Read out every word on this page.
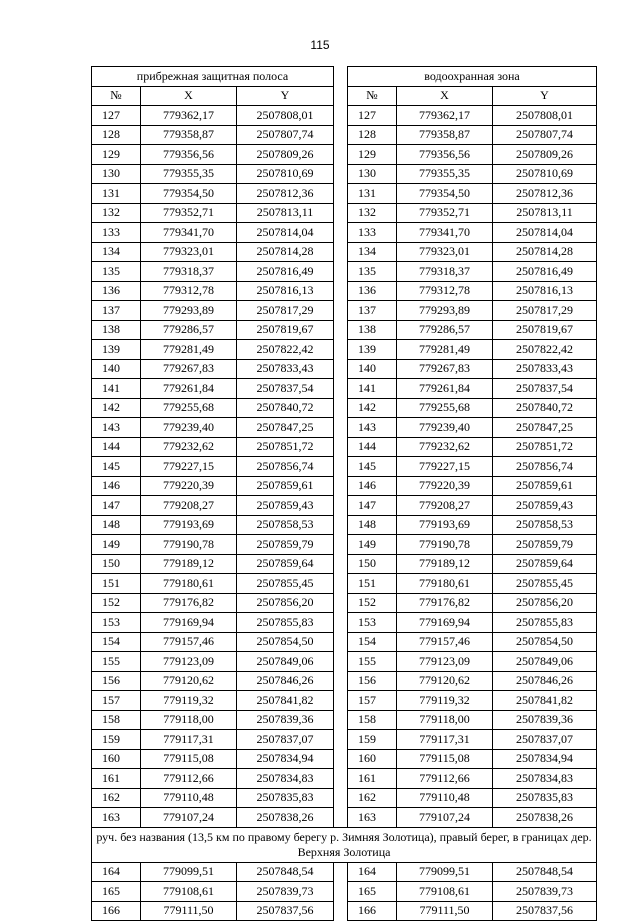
115
прибрежная защитная полоса				водоохранная зона		
№	X	Y		№	X	Y
127	779362,17	2507808,01		127	779362,17	2507808,01
128	779358,87	2507807,74		128	779358,87	2507807,74
129	779356,56	2507809,26		129	779356,56	2507809,26
130	779355,35	2507810,69		130	779355,35	2507810,69
131	779354,50	2507812,36		131	779354,50	2507812,36
132	779352,71	2507813,11		132	779352,71	2507813,11
133	779341,70	2507814,04		133	779341,70	2507814,04
134	779323,01	2507814,28		134	779323,01	2507814,28
135	779318,37	2507816,49		135	779318,37	2507816,49
136	779312,78	2507816,13		136	779312,78	2507816,13
137	779293,89	2507817,29		137	779293,89	2507817,29
138	779286,57	2507819,67		138	779286,57	2507819,67
139	779281,49	2507822,42		139	779281,49	2507822,42
140	779267,83	2507833,43		140	779267,83	2507833,43
141	779261,84	2507837,54		141	779261,84	2507837,54
142	779255,68	2507840,72		142	779255,68	2507840,72
143	779239,40	2507847,25		143	779239,40	2507847,25
144	779232,62	2507851,72		144	779232,62	2507851,72
145	779227,15	2507856,74		145	779227,15	2507856,74
146	779220,39	2507859,61		146	779220,39	2507859,61
147	779208,27	2507859,43		147	779208,27	2507859,43
148	779193,69	2507858,53		148	779193,69	2507858,53
149	779190,78	2507859,79		149	779190,78	2507859,79
150	779189,12	2507859,64		150	779189,12	2507859,64
151	779180,61	2507855,45		151	779180,61	2507855,45
152	779176,82	2507856,20		152	779176,82	2507856,20
153	779169,94	2507855,83		153	779169,94	2507855,83
154	779157,46	2507854,50		154	779157,46	2507854,50
155	779123,09	2507849,06		155	779123,09	2507849,06
156	779120,62	2507846,26		156	779120,62	2507846,26
157	779119,32	2507841,82		157	779119,32	2507841,82
158	779118,00	2507839,36		158	779118,00	2507839,36
159	779117,31	2507837,07		159	779117,31	2507837,07
160	779115,08	2507834,94		160	779115,08	2507834,94
161	779112,66	2507834,83		161	779112,66	2507834,83
162	779110,48	2507835,83		162	779110,48	2507835,83
163	779107,24	2507838,26		163	779107,24	2507838,26
руч. без названия (13,5 км по правому берегу р. Зимняя Золотица), правый берег, в границах дер. Верхняя Золотица						
164	779099,51	2507848,54		164	779099,51	2507848,54
165	779108,61	2507839,73		165	779108,61	2507839,73
166	779111,50	2507837,56		166	779111,50	2507837,56
